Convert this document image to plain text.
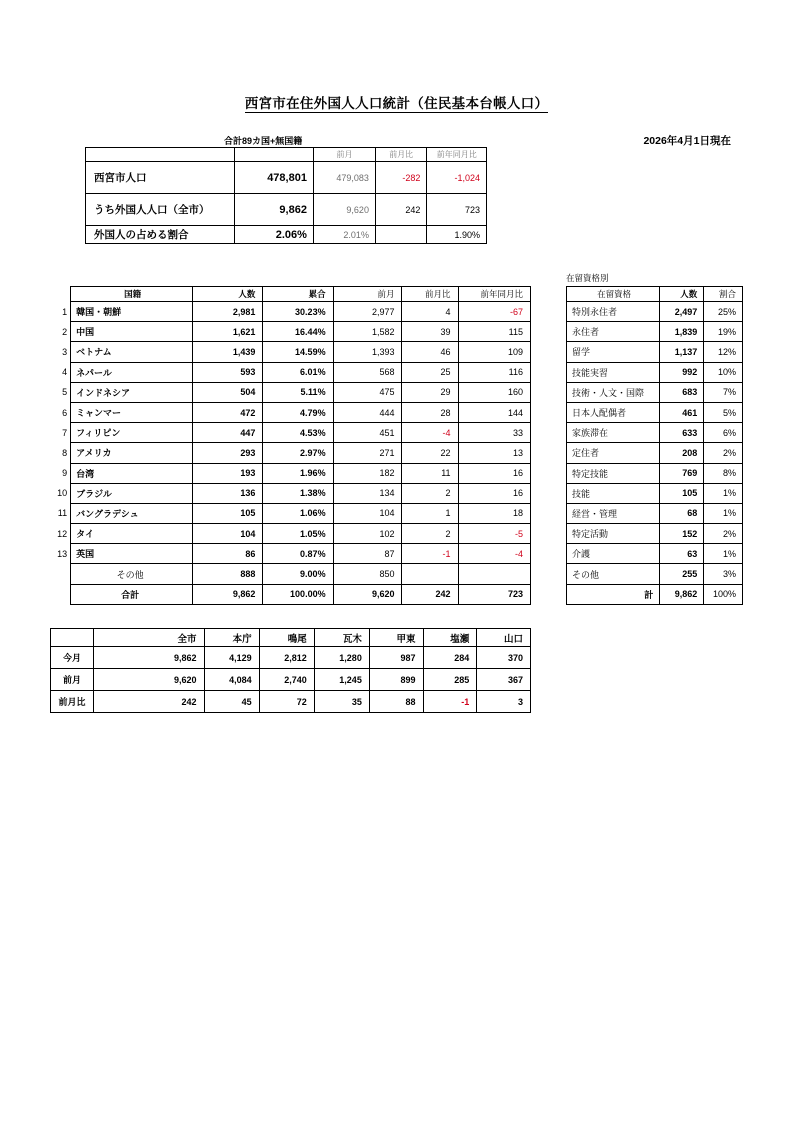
西宮市在住外国人人口統計（住民基本台帳人口）
2026年4月1日現在
合計89カ国+無国籍
		前月	前月比	前年同月比
西宮市人口	478,801	479,083	-282	-1,024
うち外国人人口（全市）	9,862	9,620	242	723
外国人の占める割合	2.06%	2.01%		1.90%
	国籍	人数	累合	前月	前月比	前年同月比
1	韓国・朝鮮	2,981	30.23%	2,977	4	-67
2	中国	1,621	16.44%	1,582	39	115
3	ベトナム	1,439	14.59%	1,393	46	109
4	ネパール	593	6.01%	568	25	116
5	インドネシア	504	5.11%	475	29	160
6	ミャンマー	472	4.79%	444	28	144
7	フィリピン	447	4.53%	451	-4	33
8	アメリカ	293	2.97%	271	22	13
9	台湾	193	1.96%	182	11	16
10	ブラジル	136	1.38%	134	2	16
11	バングラデシュ	105	1.06%	104	1	18
12	タイ	104	1.05%	102	2	-5
13	英国	86	0.87%	87	-1	-4
	その他	888	9.00%	850		
	合計	9,862	100.00%	9,620	242	723
在留資格別
在留資格	人数	割合
特別永住者	2,497	25%
永住者	1,839	19%
留学	1,137	12%
技能実習	992	10%
技術・人文・国際	683	7%
日本人配偶者	461	5%
家族滞在	633	6%
定住者	208	2%
特定技能	769	8%
技能	105	1%
経営・管理	68	1%
特定活動	152	2%
介護	63	1%
その他	255	3%
計	9,862	100%
	全市	本庁	鳴尾	瓦木	甲東	塩瀬	山口
今月	9,862	4,129	2,812	1,280	987	284	370
前月	9,620	4,084	2,740	1,245	899	285	367
前月比	242	45	72	35	88	-1	3
